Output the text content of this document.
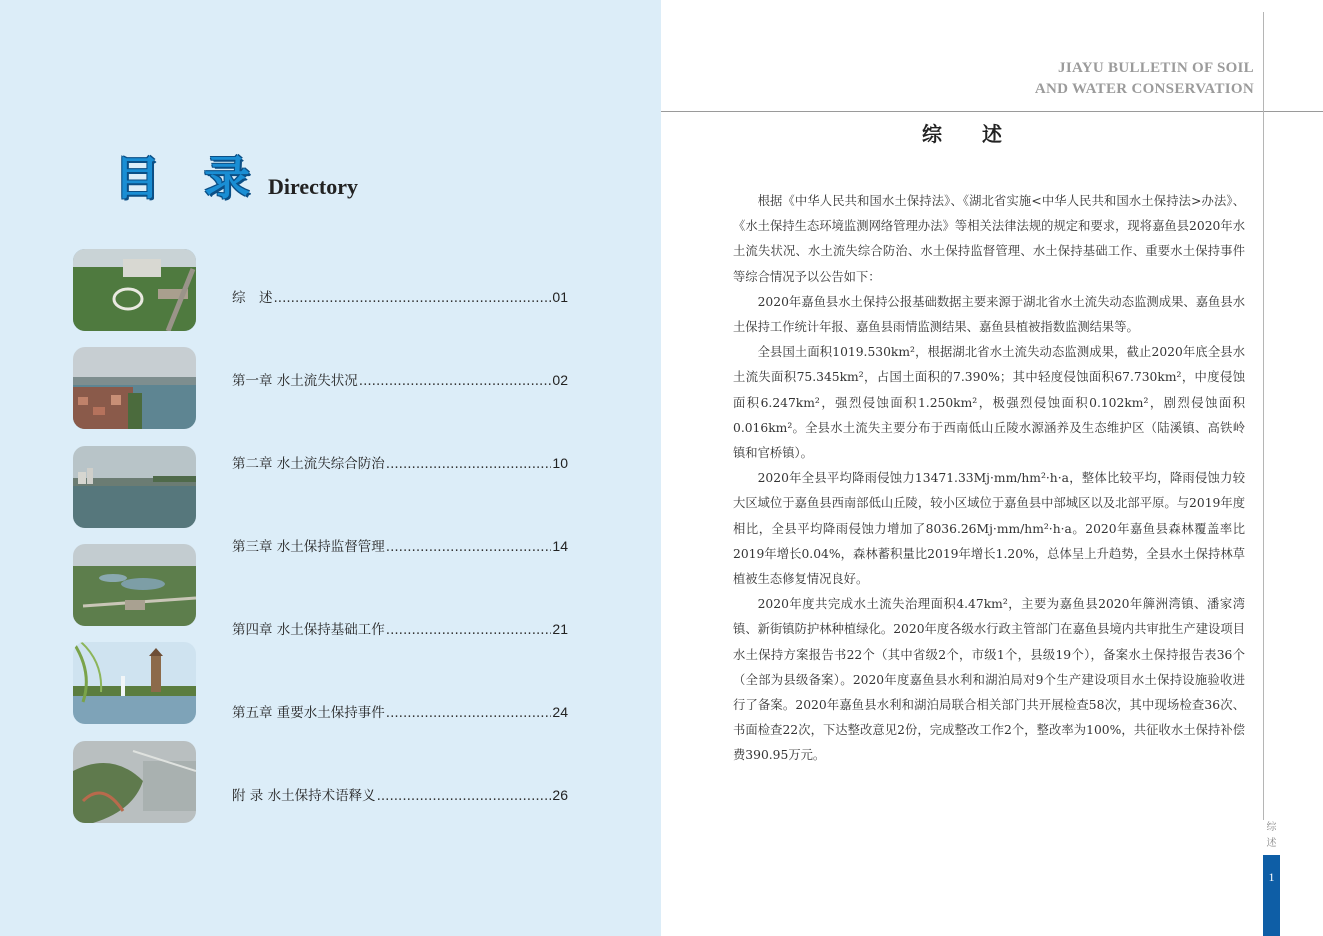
目 录 Directory
综　述 .....	01
第一章 水土流失状况 .....	02
第二章 水土流失综合防治 .....	10
第三章 水土保持监督管理 .....	14
第四章 水土保持基础工作 .....	21
第五章 重要水土保持事件 .....	24
附 录 水土保持术语释义 .....	26
JIAYU BULLETIN OF SOIL
AND WATER CONSERVATION
综述

根据《中华人民共和国水土保持法》、《湖北省实施<中华人民共和国水土保持法>办法》、《水土保持生态环境监测网络管理办法》等相关法律法规的规定和要求，现将嘉鱼县2020年水土流失状况、水土流失综合防治、水土保持监督管理、水土保持基础工作、重要水土保持事件等综合情况予以公告如下：

2020年嘉鱼县水土保持公报基础数据主要来源于湖北省水土流失动态监测成果、嘉鱼县水土保持工作统计年报、嘉鱼县雨情监测结果、嘉鱼县植被指数监测结果等。

全县国土面积1019.530km²，根据湖北省水土流失动态监测成果，截止2020年底全县水土流失面积75.345km²，占国土面积的7.390%；其中轻度侵蚀面积67.730km²，中度侵蚀面积6.247km²，强烈侵蚀面积1.250km²，极强烈侵蚀面积0.102km²，剧烈侵蚀面积0.016km²。全县水土流失主要分布于西南低山丘陵水源涵养及生态维护区（陆溪镇、高铁岭镇和官桥镇）。

2020年全县平均降雨侵蚀力13471.33Mj·mm/hm²·h·a，整体比较平均，降雨侵蚀力较大区域位于嘉鱼县西南部低山丘陵，较小区域位于嘉鱼县中部城区以及北部平原。与2019年度相比，全县平均降雨侵蚀力增加了8036.26Mj·mm/hm²·h·a。2020年嘉鱼县森林覆盖率比2019年增长0.04%，森林蓄积量比2019年增长1.20%，总体呈上升趋势，全县水土保持林草植被生态修复情况良好。

2020年度共完成水土流失治理面积4.47km²，主要为嘉鱼县2020年簰洲湾镇、潘家湾镇、新街镇防护林种植绿化。2020年度各级水行政主管部门在嘉鱼县境内共审批生产建设项目水土保持方案报告书22个（其中省级2个，市级1个，县级19个），备案水土保持报告表36个（全部为县级备案）。2020年度嘉鱼县水利和湖泊局对9个生产建设项目水土保持设施验收进行了备案。2020年嘉鱼县水利和湖泊局联合相关部门共开展检查58次，其中现场检查36次、书面检查22次，下达整改意见2份，完成整改工作2个，整改率为100%，共征收水土保持补偿费390.95万元。

综述
1
